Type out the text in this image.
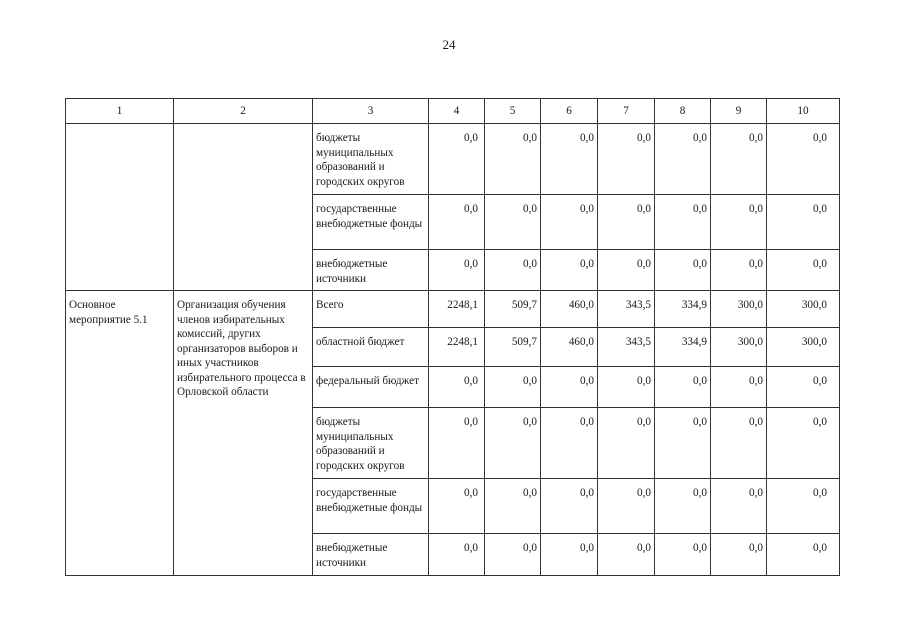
24
1	2	3	4	5	6	7	8	9	10

		бюджеты муниципальных образований и городских округов	0,0	0,0	0,0	0,0	0,0	0,0	0,0

		государственные внебюджетные фонды	0,0	0,0	0,0	0,0	0,0	0,0	0,0

		внебюджетные источники	0,0	0,0	0,0	0,0	0,0	0,0	0,0

Основное мероприятие 5.1	Организация обучения членов избирательных комиссий, других организаторов выборов и иных участников избирательного процесса в Орловской области	Всего	2248,1	509,7	460,0	343,5	334,9	300,0	300,0

		областной бюджет	2248,1	509,7	460,0	343,5	334,9	300,0	300,0

		федеральный бюджет	0,0	0,0	0,0	0,0	0,0	0,0	0,0

		бюджеты муниципальных образований и городских округов	0,0	0,0	0,0	0,0	0,0	0,0	0,0

		государственные внебюджетные фонды	0,0	0,0	0,0	0,0	0,0	0,0	0,0

		внебюджетные источники	0,0	0,0	0,0	0,0	0,0	0,0	0,0
